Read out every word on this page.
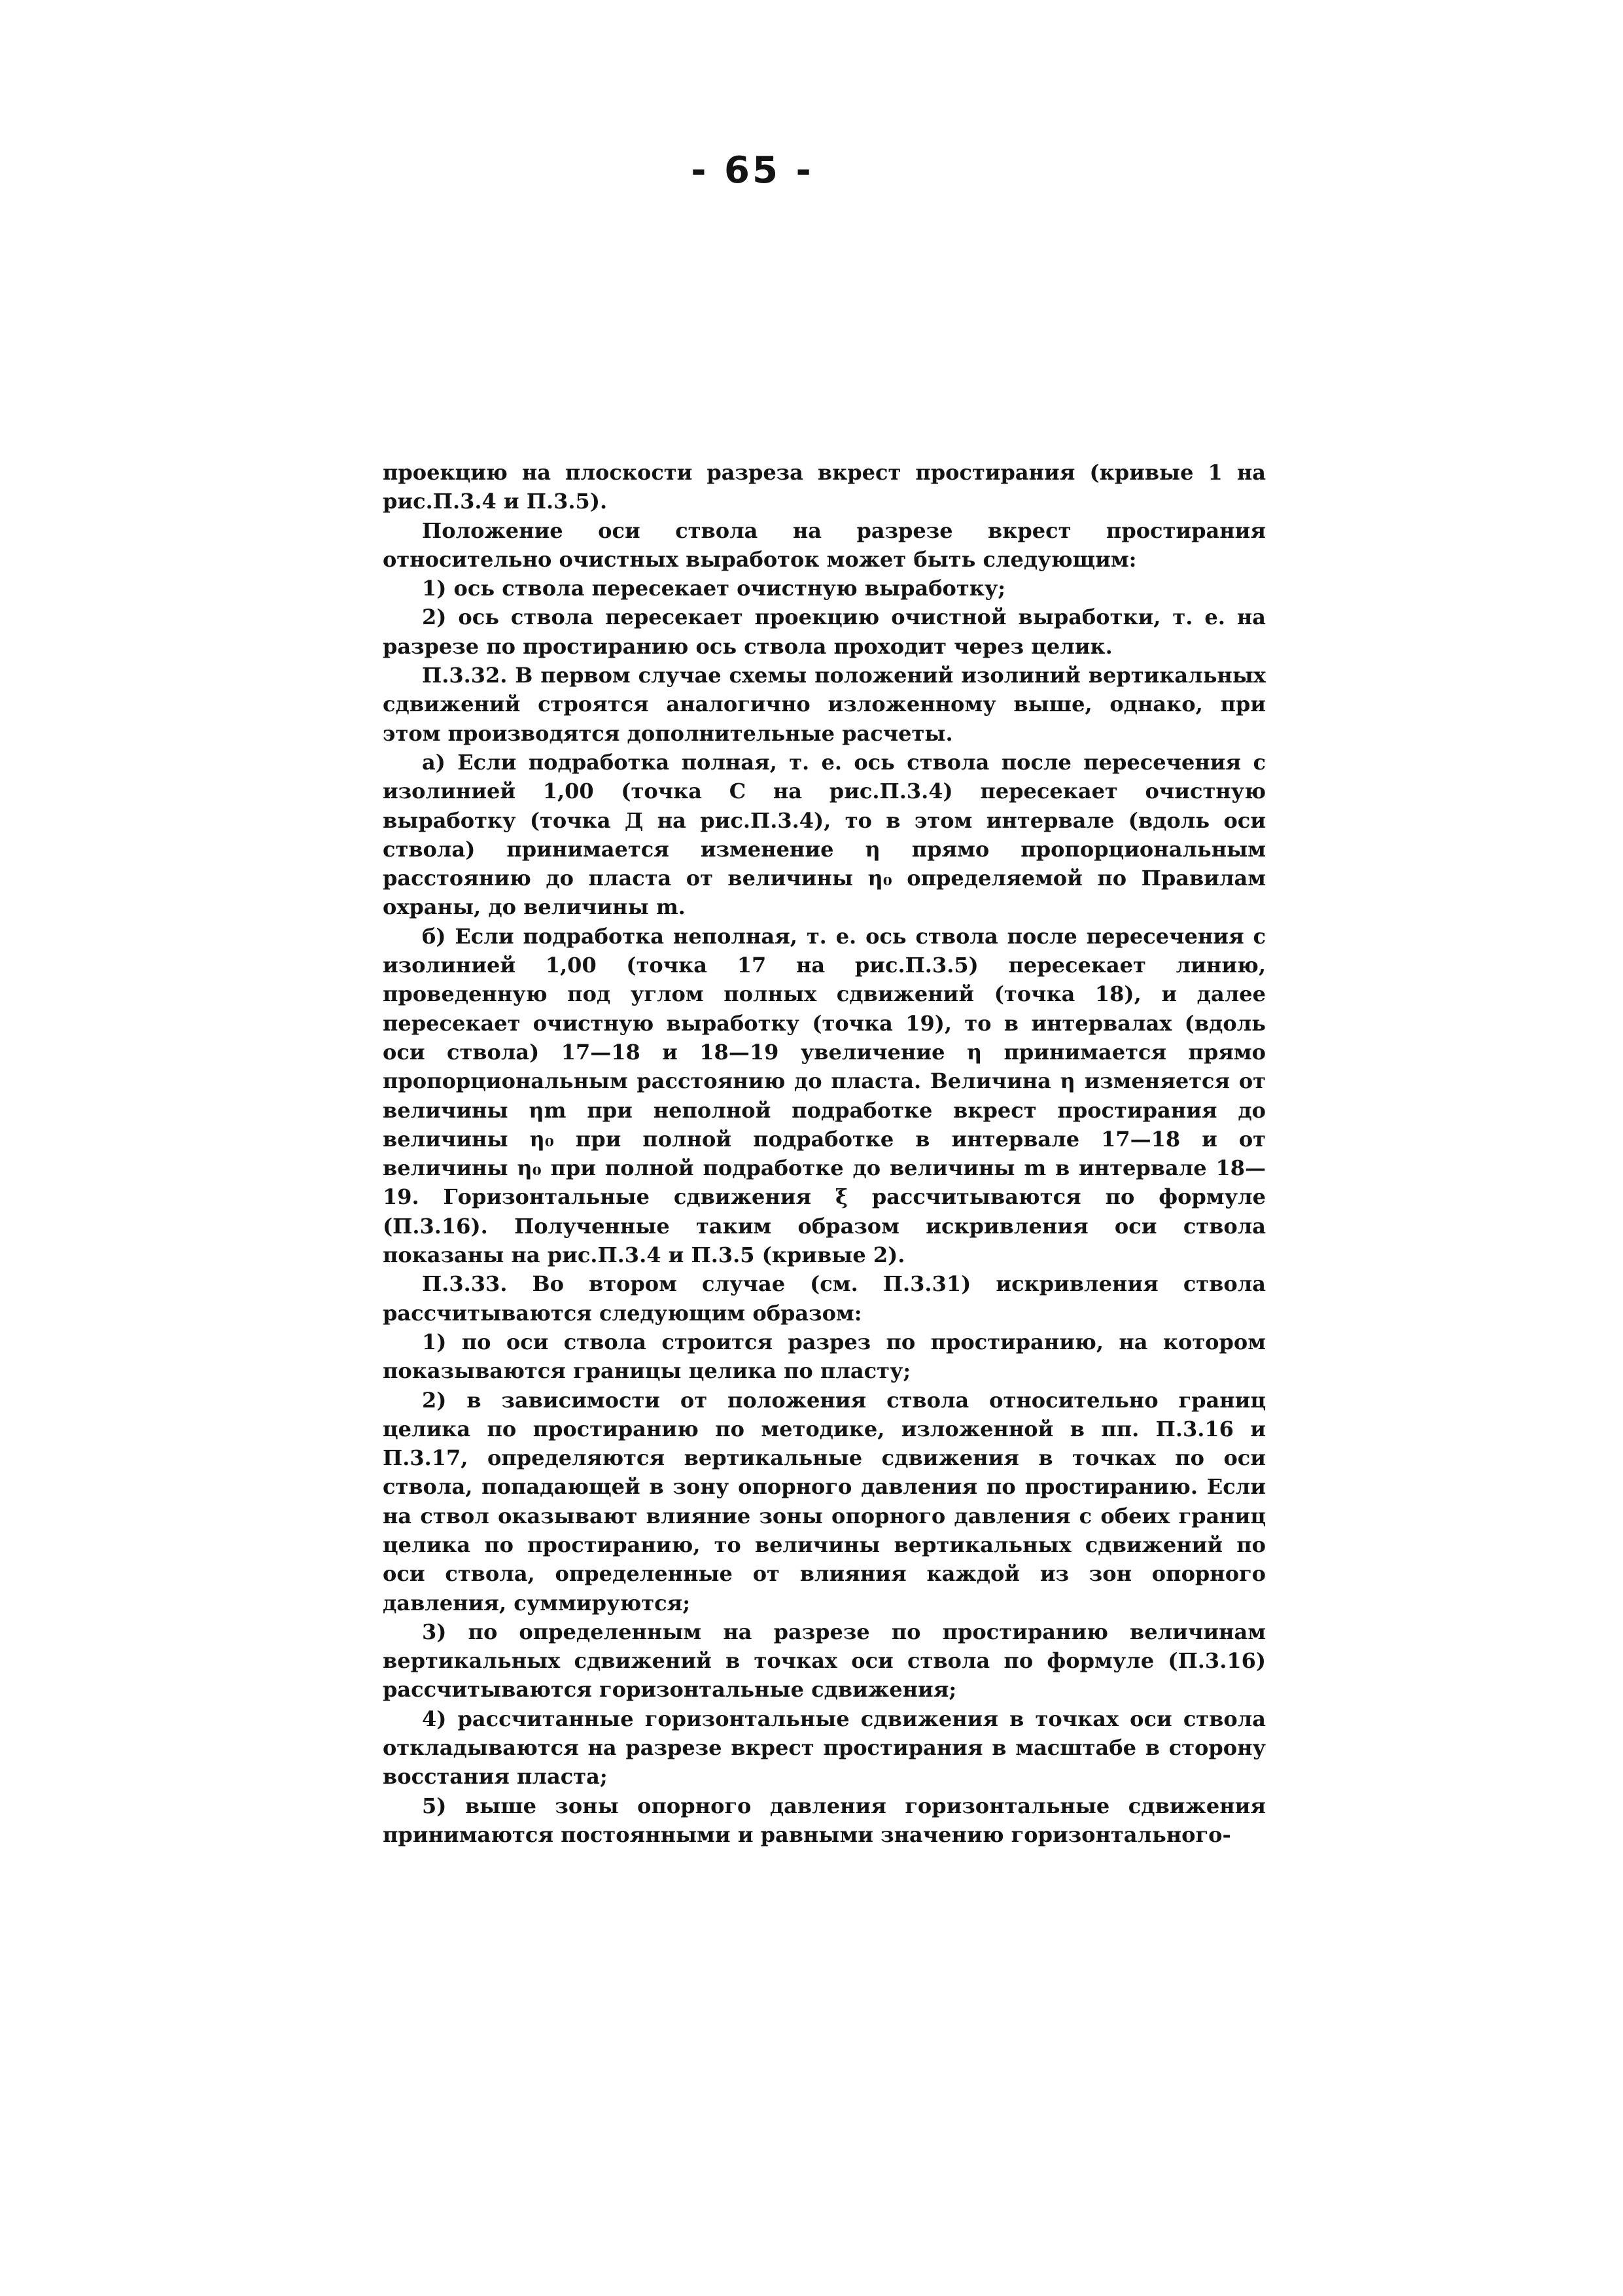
- 65 -

проекцию на плоскости разреза вкрест простирания (кривые 1 на рис.П.3.4 и П.3.5).

Положение оси ствола на разрезе вкрест простирания относительно очистных выработок может быть следующим:

1) ось ствола пересекает очистную выработку;

2) ось ствола пересекает проекцию очистной выработки, т. е. на разрезе по простиранию ось ствола проходит через целик.

П.3.32. В первом случае схемы положений изолиний вертикальных сдвижений строятся аналогично изложенному выше, однако, при этом производятся дополнительные расчеты.

а) Если подработка полная, т. е. ось ствола после пересечения с изолинией 1,00 (точка С на рис.П.3.4) пересекает очистную выработку (точка Д на рис.П.3.4), то в этом интервале (вдоль оси ствола) принимается изменение η прямо пропорциональным расстоянию до пласта от величины η₀ определяемой по Правилам охраны, до величины m.

б) Если подработка неполная, т. е. ось ствола после пересечения с изолинией 1,00 (точка 17 на рис.П.3.5) пересекает линию, проведенную под углом полных сдвижений (точка 18), и далее пересекает очистную выработку (точка 19), то в интервалах (вдоль оси ствола) 17—18 и 18—19 увеличение η принимается прямо пропорциональным расстоянию до пласта. Величина η изменяется от величины ηm при неполной подработке вкрест простирания до величины η₀ при полной подработке в интервале 17—18 и от величины η₀ при полной подработке до величины m в интервале 18—19. Горизонтальные сдвижения ξ рассчитываются по формуле (П.3.16). Полученные таким образом искривления оси ствола показаны на рис.П.3.4 и П.3.5 (кривые 2).

П.3.33. Во втором случае (см. П.3.31) искривления ствола рассчитываются следующим образом:

1) по оси ствола строится разрез по простиранию, на котором показываются границы целика по пласту;

2) в зависимости от положения ствола относительно границ целика по простиранию по методике, изложенной в пп. П.3.16 и П.3.17, определяются вертикальные сдвижения в точках по оси ствола, попадающей в зону опорного давления по простиранию. Если на ствол оказывают влияние зоны опорного давления с обеих границ целика по простиранию, то величины вертикальных сдвижений по оси ствола, определенные от влияния каждой из зон опорного давления, суммируются;

3) по определенным на разрезе по простиранию величинам вертикальных сдвижений в точках оси ствола по формуле (П.3.16) рассчитываются горизонтальные сдвижения;

4) рассчитанные горизонтальные сдвижения в точках оси ствола откладываются на разрезе вкрест простирания в масштабе в сторону восстания пласта;

5) выше зоны опорного давления горизонтальные сдвижения принимаются постоянными и равными значению горизонтального-
